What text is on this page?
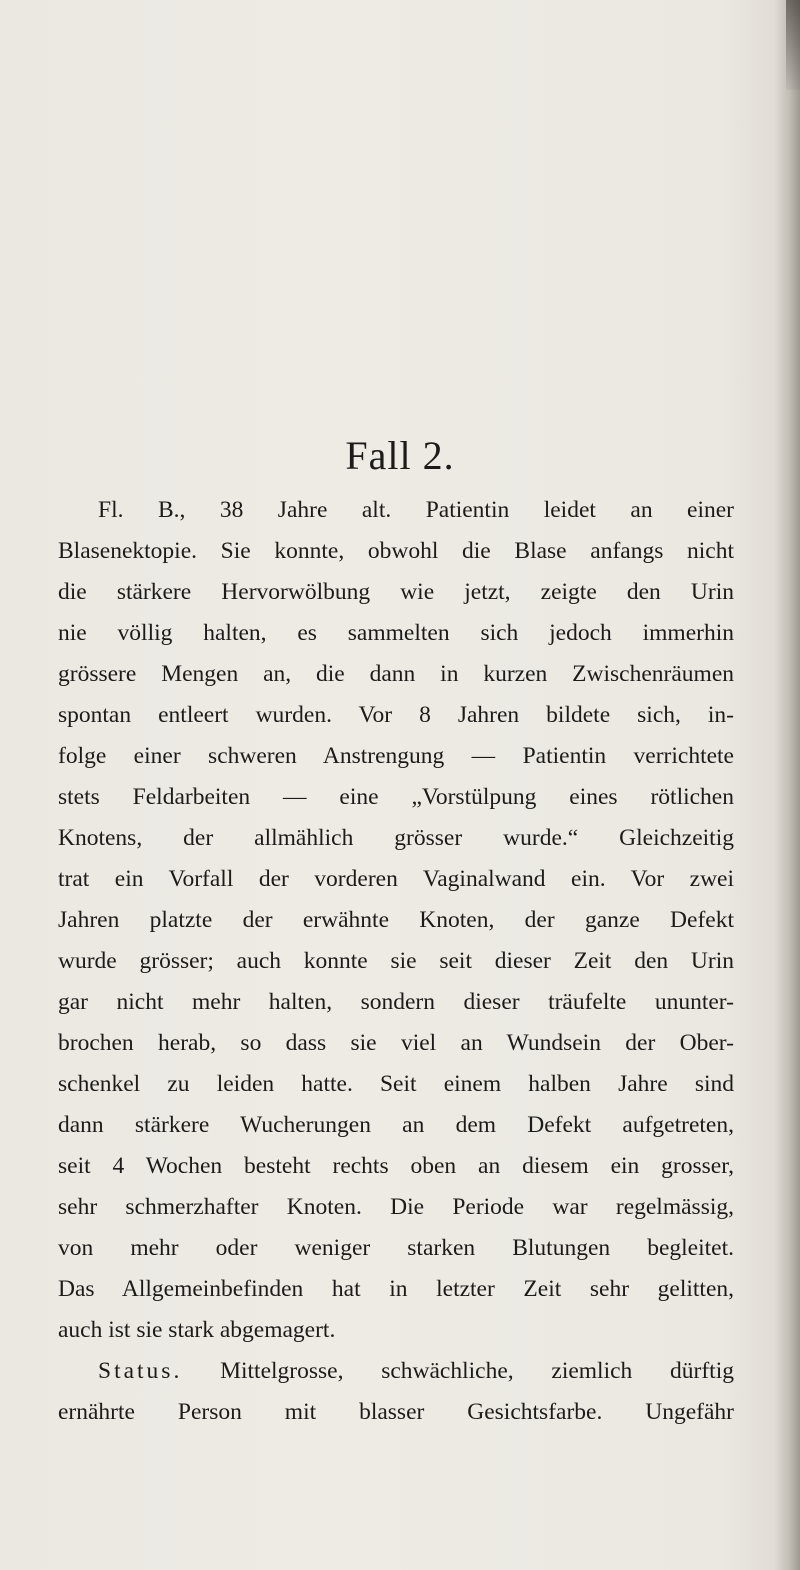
Fall 2.
Fl. B., 38 Jahre alt. Patientin leidet an einer
Blasenektopie. Sie konnte, obwohl die Blase anfangs nicht
die stärkere Hervorwölbung wie jetzt, zeigte den Urin
nie völlig halten, es sammelten sich jedoch immerhin
grössere Mengen an, die dann in kurzen Zwischenräumen
spontan entleert wurden. Vor 8 Jahren bildete sich, in-
folge einer schweren Anstrengung — Patientin verrichtete
stets Feldarbeiten — eine „Vorstülpung eines rötlichen
Knotens, der allmählich grösser wurde.“ Gleichzeitig
trat ein Vorfall der vorderen Vaginalwand ein. Vor zwei
Jahren platzte der erwähnte Knoten, der ganze Defekt
wurde grösser; auch konnte sie seit dieser Zeit den Urin
gar nicht mehr halten, sondern dieser träufelte ununter-
brochen herab, so dass sie viel an Wundsein der Ober-
schenkel zu leiden hatte. Seit einem halben Jahre sind
dann stärkere Wucherungen an dem Defekt aufgetreten,
seit 4 Wochen besteht rechts oben an diesem ein grosser,
sehr schmerzhafter Knoten. Die Periode war regelmässig,
von mehr oder weniger starken Blutungen begleitet.
Das Allgemeinbefinden hat in letzter Zeit sehr gelitten,
auch ist sie stark abgemagert.
Status. Mittelgrosse, schwächliche, ziemlich dürftig
ernährte Person mit blasser Gesichtsfarbe. Ungefähr
